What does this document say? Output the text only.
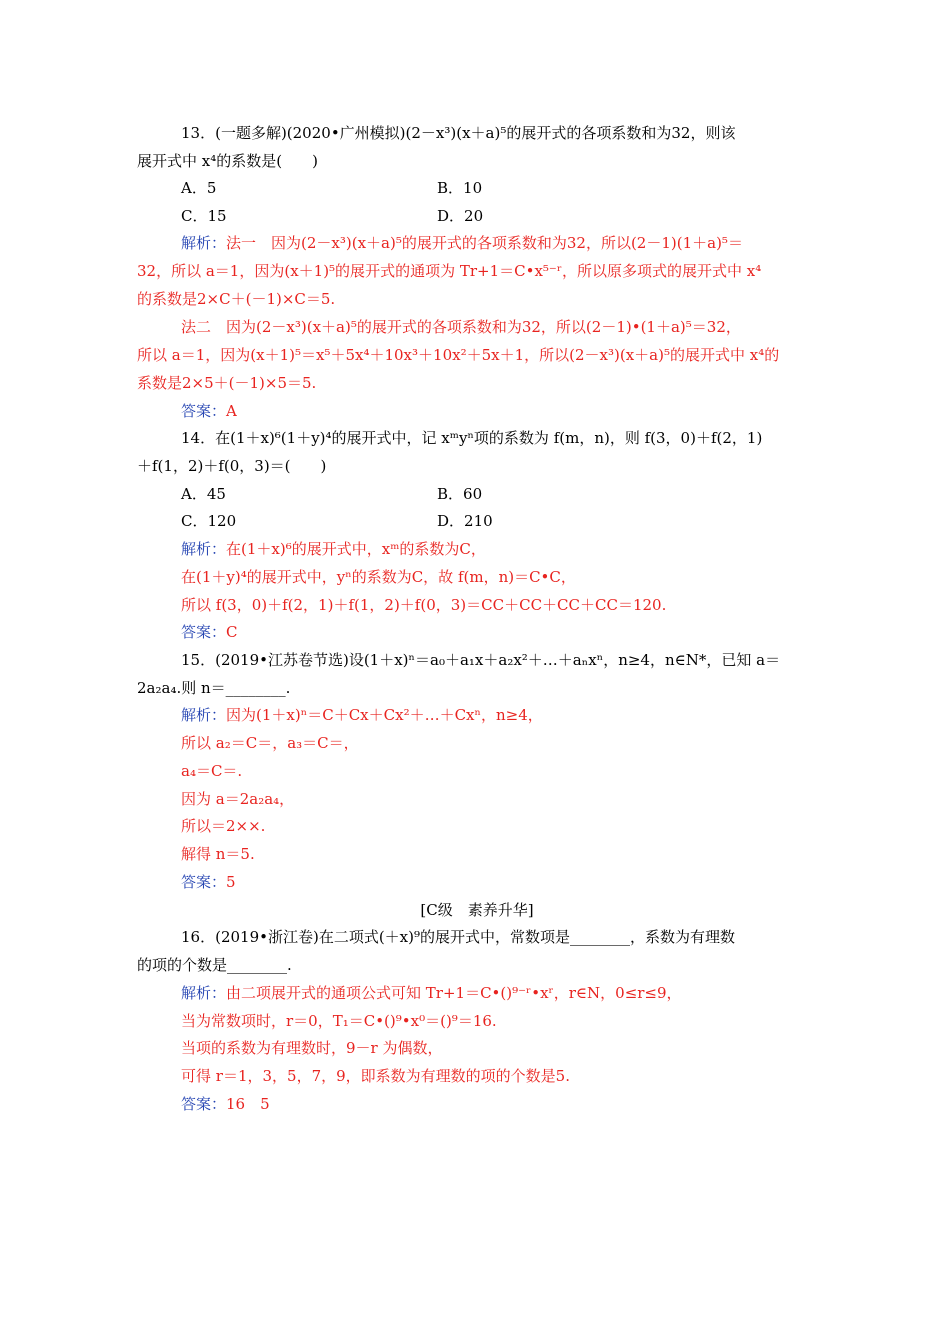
13．(一题多解)(2020•广州模拟)(2－x³)(x＋a)⁵的展开式的各项系数和为32，则该
展开式中 x⁴的系数是(　　)
A．5	B．10
C．15	D．20
解析：法一　因为(2－x³)(x＋a)⁵的展开式的各项系数和为32，所以(2－1)(1＋a)⁵＝
32，所以 a＝1，因为(x＋1)⁵的展开式的通项为 Tr+1＝C•x⁵⁻ʳ，所以原多项式的展开式中 x⁴
的系数是2×C＋(－1)×C＝5.
法二　因为(2－x³)(x＋a)⁵的展开式的各项系数和为32，所以(2－1)•(1＋a)⁵＝32，
所以 a＝1，因为(x＋1)⁵＝x⁵＋5x⁴＋10x³＋10x²＋5x＋1，所以(2－x³)(x＋a)⁵的展开式中 x⁴的
系数是2×5＋(－1)×5＝5.
答案：A
14．在(1＋x)⁶(1＋y)⁴的展开式中，记 xᵐyⁿ项的系数为 f(m，n)，则 f(3，0)＋f(2，1)
＋f(1，2)＋f(0，3)＝(　　)
A．45	B．60
C．120	D．210
解析：在(1＋x)⁶的展开式中，xᵐ的系数为C，
在(1＋y)⁴的展开式中，yⁿ的系数为C，故 f(m，n)＝C•C，
所以 f(3，0)＋f(2，1)＋f(1，2)＋f(0，3)＝CC＋CC＋CC＋CC＝120.
答案：C
15．(2019•江苏卷节选)设(1＋x)ⁿ＝a₀＋a₁x＋a₂x²＋…＋aₙxⁿ，n≥4，n∈N*，已知 a＝
2a₂a₄.则 n＝________.
解析：因为(1＋x)ⁿ＝C＋Cx＋Cx²＋…＋Cxⁿ，n≥4，
所以 a₂＝C＝，a₃＝C＝，
a₄＝C＝.
因为 a＝2a₂a₄，
所以＝2××.
解得 n＝5.
答案：5
[C级　素养升华]
16．(2019•浙江卷)在二项式(＋x)⁹的展开式中，常数项是________，系数为有理数
的项的个数是________.
解析：由二项展开式的通项公式可知 Tr+1＝C•()⁹⁻ʳ•xʳ，r∈N，0≤r≤9，
当为常数项时，r＝0，T₁＝C•()⁹•x⁰＝()⁹＝16.
当项的系数为有理数时，9－r 为偶数，
可得 r＝1，3，5，7，9，即系数为有理数的项的个数是5.
答案：16　5
